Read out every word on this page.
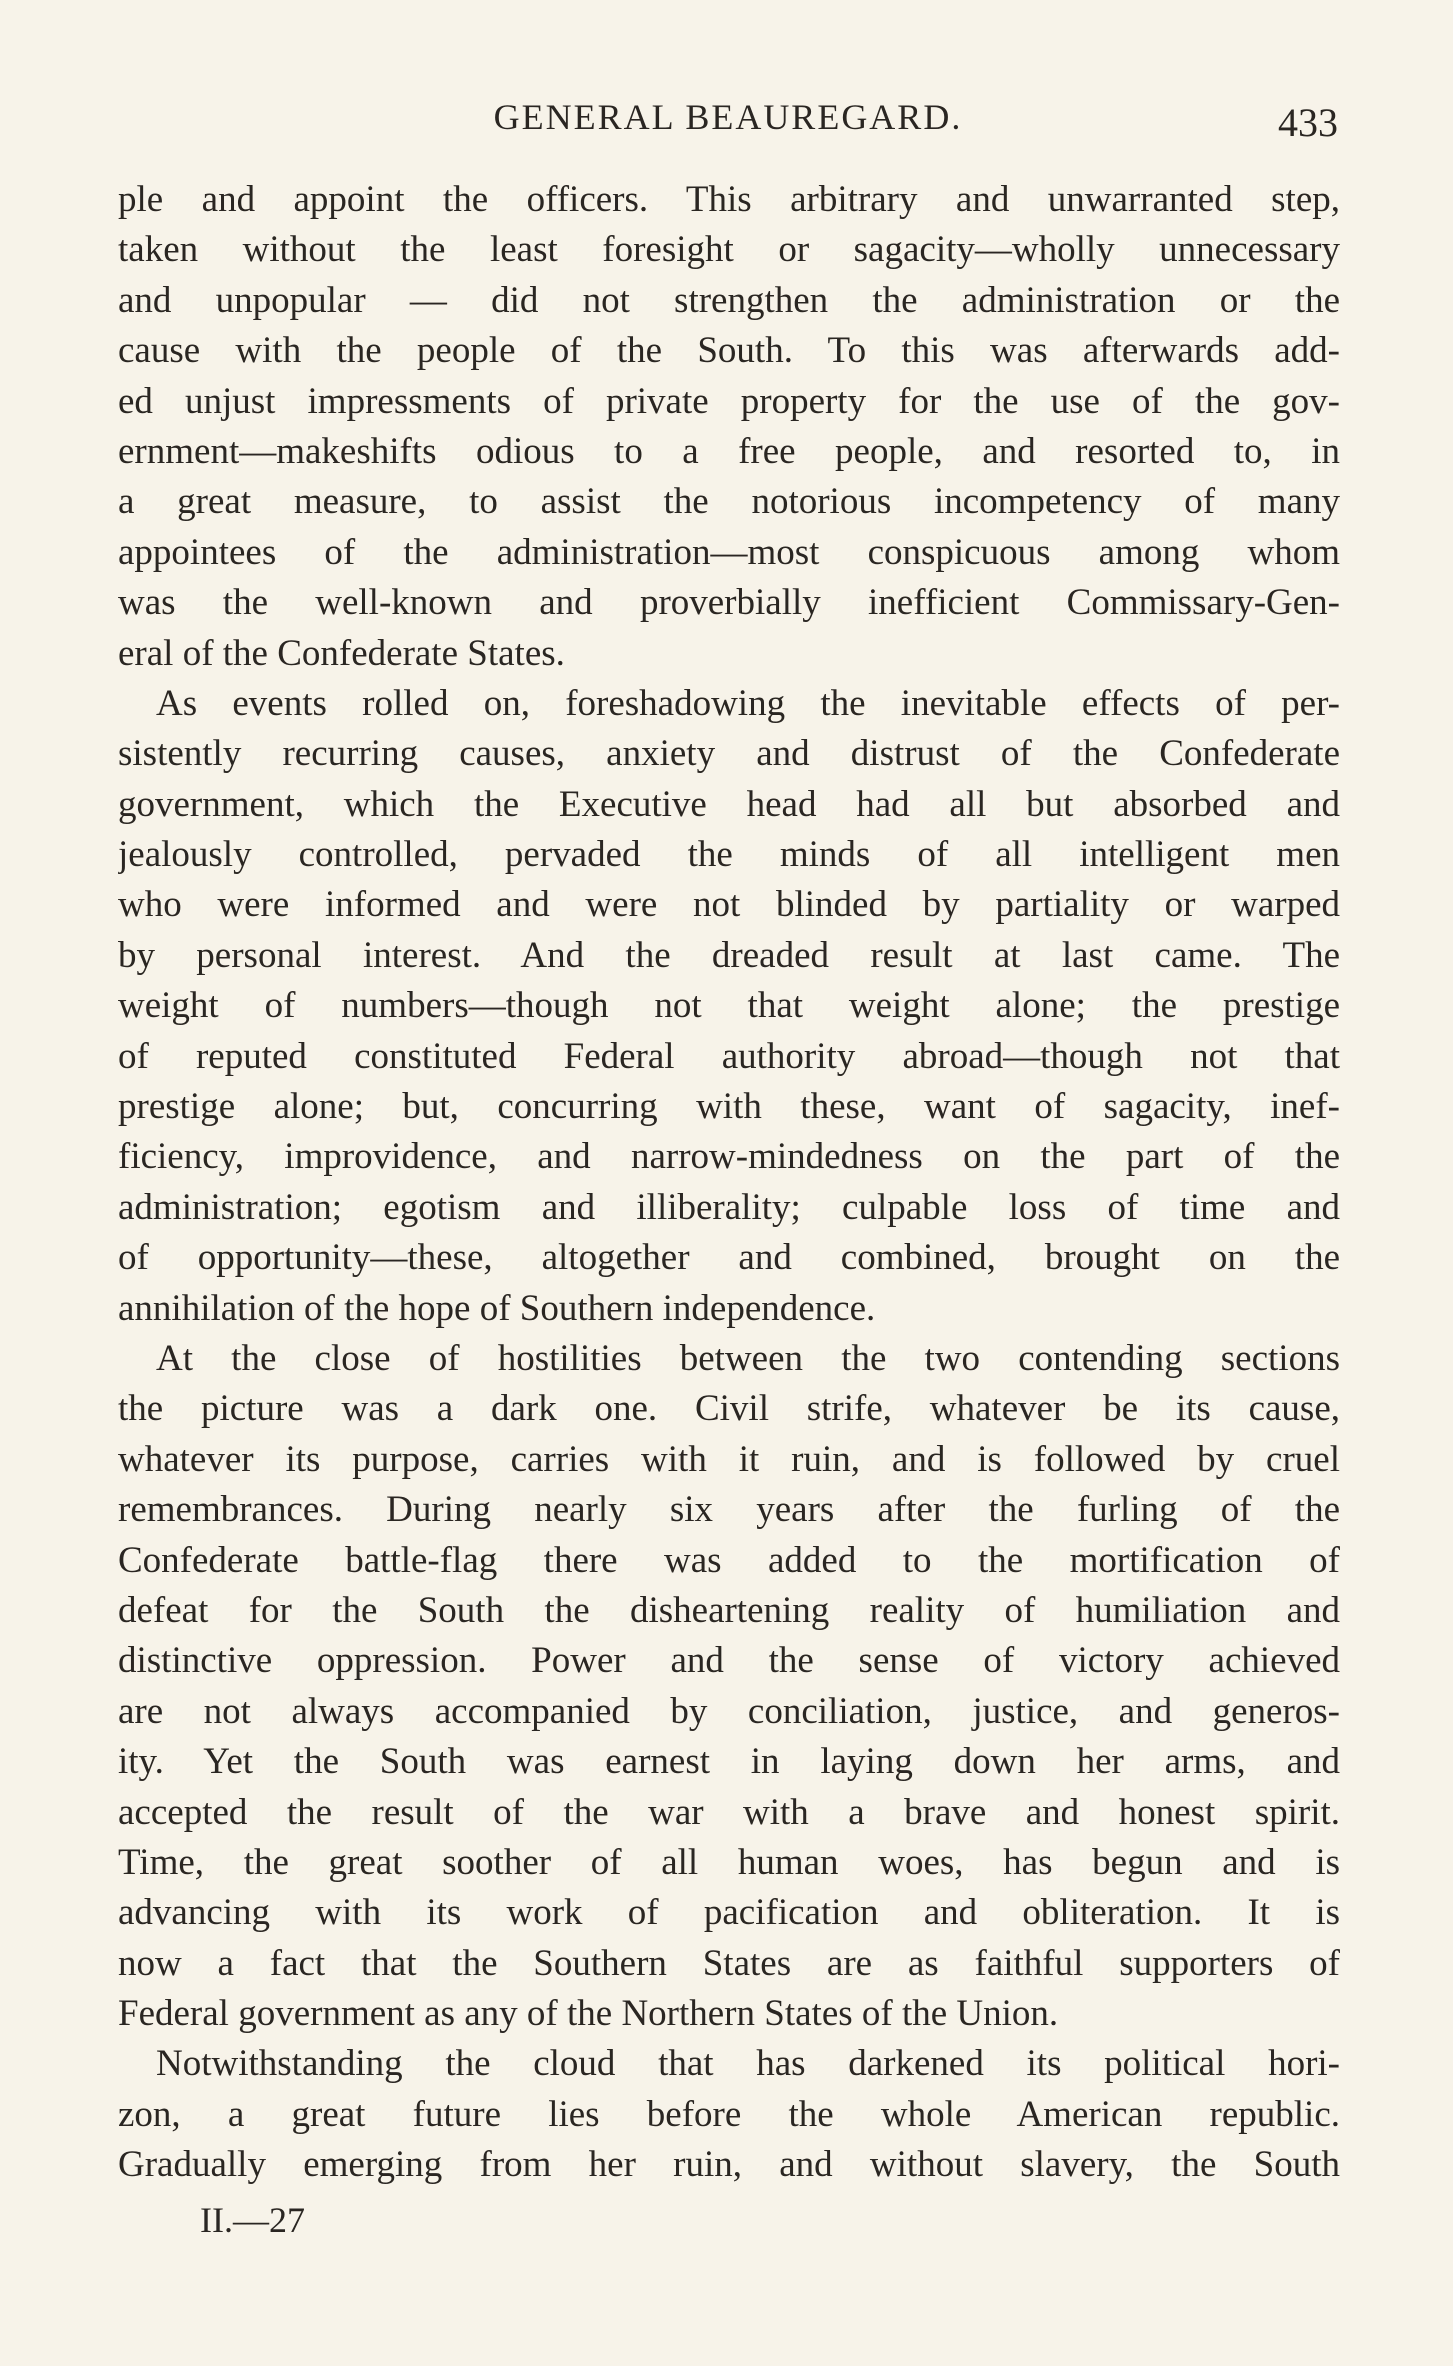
GENERAL BEAUREGARD.	433
ple and appoint the officers. This arbitrary and unwarranted step,
taken without the least foresight or sagacity—wholly unnecessary
and unpopular — did not strengthen the administration or the
cause with the people of the South. To this was afterwards add-
ed unjust impressments of private property for the use of the gov-
ernment—makeshifts odious to a free people, and resorted to, in
a great measure, to assist the notorious incompetency of many
appointees of the administration—most conspicuous among whom
was the well-known and proverbially inefficient Commissary-Gen-
eral of the Confederate States.
As events rolled on, foreshadowing the inevitable effects of per-
sistently recurring causes, anxiety and distrust of the Confederate
government, which the Executive head had all but absorbed and
jealously controlled, pervaded the minds of all intelligent men
who were informed and were not blinded by partiality or warped
by personal interest. And the dreaded result at last came. The
weight of numbers—though not that weight alone; the prestige
of reputed constituted Federal authority abroad—though not that
prestige alone; but, concurring with these, want of sagacity, inef-
ficiency, improvidence, and narrow-mindedness on the part of the
administration; egotism and illiberality; culpable loss of time and
of opportunity—these, altogether and combined, brought on the
annihilation of the hope of Southern independence.
At the close of hostilities between the two contending sections
the picture was a dark one. Civil strife, whatever be its cause,
whatever its purpose, carries with it ruin, and is followed by cruel
remembrances. During nearly six years after the furling of the
Confederate battle-flag there was added to the mortification of
defeat for the South the disheartening reality of humiliation and
distinctive oppression. Power and the sense of victory achieved
are not always accompanied by conciliation, justice, and generos-
ity. Yet the South was earnest in laying down her arms, and
accepted the result of the war with a brave and honest spirit.
Time, the great soother of all human woes, has begun and is
advancing with its work of pacification and obliteration. It is
now a fact that the Southern States are as faithful supporters of
Federal government as any of the Northern States of the Union.
Notwithstanding the cloud that has darkened its political hori-
zon, a great future lies before the whole American republic.
Gradually emerging from her ruin, and without slavery, the South
II.—27
